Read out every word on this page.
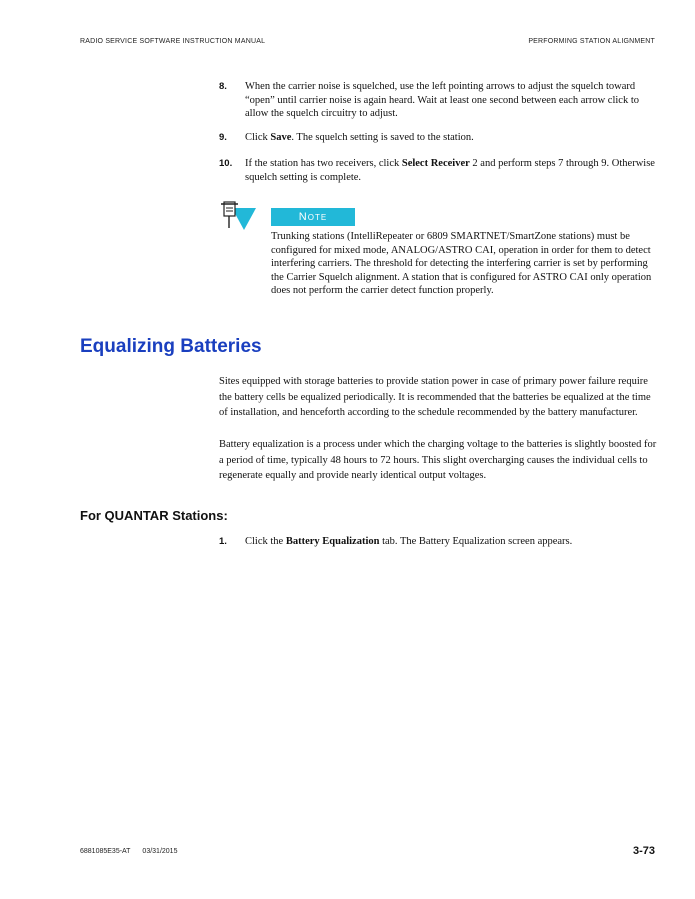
RADIO SERVICE SOFTWARE INSTRUCTION MANUAL	PERFORMING STATION ALIGNMENT
8. When the carrier noise is squelched, use the left pointing arrows to adjust the squelch toward “open” until carrier noise is again heard. Wait at least one second between each arrow click to allow the squelch circuitry to adjust.
9. Click Save. The squelch setting is saved to the station.
10. If the station has two receivers, click Select Receiver 2 and perform steps 7 through 9. Otherwise squelch setting is complete.
Note
Trunking stations (IntelliRepeater or 6809 SMARTNET/SmartZone stations) must be configured for mixed mode, ANALOG/ASTRO CAI, operation in order for them to detect interfering carriers. The threshold for detecting the interfering carrier is set by performing the Carrier Squelch alignment. A station that is configured for ASTRO CAI only operation does not perform the carrier detect function properly.
Equalizing Batteries

Sites equipped with storage batteries to provide station power in case of primary power failure require the battery cells be equalized periodically. It is recommended that the batteries be equalized at the time of installation, and henceforth according to the schedule recommended by the battery manufacturer.

Battery equalization is a process under which the charging voltage to the batteries is slightly boosted for a period of time, typically 48 hours to 72 hours. This slight overcharging causes the individual cells to regenerate equally and provide nearly identical output voltages.

For QUANTAR Stations:
1. Click the Battery Equalization tab. The Battery Equalization screen appears.
6881085E35-AT 03/31/2015	3-73
